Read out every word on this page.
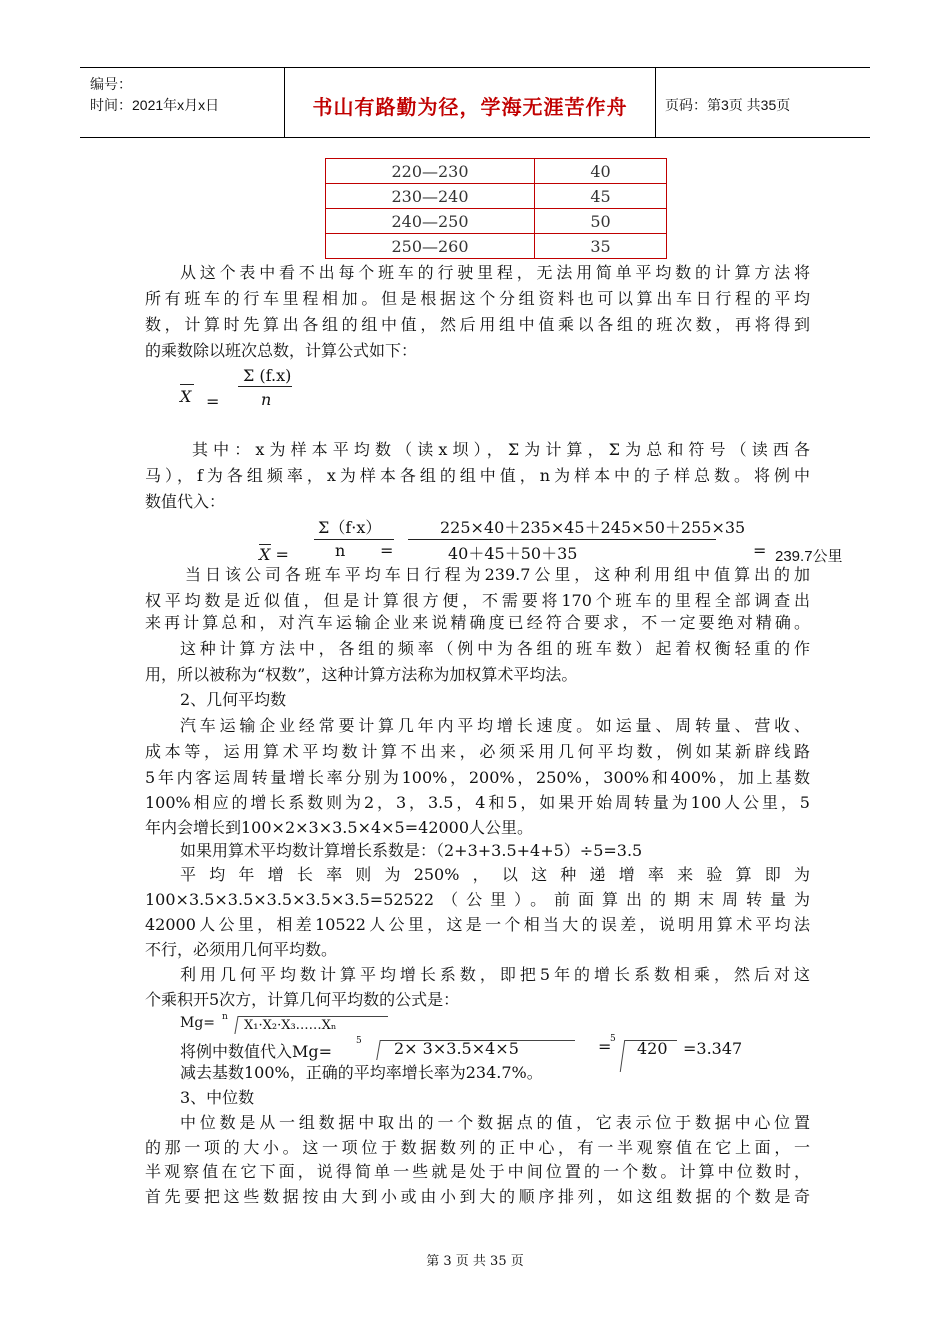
编号：
时间：2021年x月x日	书山有路勤为径，学海无涯苦作舟	页码：第3页 共35页
220—230	40
230—240	45
240—250	50
250—260	35
从这个表中看不出每个班车的行驶里程，无法用简单平均数的计算方法将
所有班车的行车里程相加。但是根据这个分组资料也可以算出车日行程的平均
数，计算时先算出各组的组中值，然后用组中值乘以各组的班次数，再将得到
的乘数除以班次总数，计算公式如下：
X =
Σ (f.x)
n
其中：x为样本平均数（读x坝），Σ为计算，Σ为总和符号（读西各
马），f为各组频率，x为样本各组的组中值，n为样本中的子样总数。将例中
数值代入：
Σ（f·x）
n
X =	=
225×40＋235×45＋245×50＋255×35
40＋45＋50＋35	= 239.7公里
当日该公司各班车平均车日行程为239.7公里，这种利用组中值算出的加
权平均数是近似值，但是计算很方便，不需要将170个班车的里程全部调查出
来再计算总和，对汽车运输企业来说精确度已经符合要求，不一定要绝对精确。
这种计算方法中，各组的频率（例中为各组的班车数）起着权衡轻重的作
用，所以被称为“权数”，这种计算方法称为加权算术平均法。
2、几何平均数
汽车运输企业经常要计算几年内平均增长速度。如运量、周转量、营收、
成本等，运用算术平均数计算不出来，必须采用几何平均数，例如某新辟线路
5年内客运周转量增长率分别为100%，200%，250%，300%和400%，加上基数
100%相应的增长系数则为2，3，3.5，4和5，如果开始周转量为100人公里，5
年内会增长到100×2×3×3.5×4×5=42000人公里。
如果用算术平均数计算增长系数是：（2+3+3.5+4+5）÷5=3.5
平均年增长率则为250%，以这种递增率来验算即为
100×3.5×3.5×3.5×3.5×3.5=52522（公里）。前面算出的期末周转量为
42000人公里，相差10522人公里，这是一个相当大的误差，说明用算术平均法
不行，必须用几何平均数。
利用几何平均数计算平均增长系数，即把5年的增长系数相乘，然后对这
个乘积开5次方，计算几何平均数的公式是：
Mg= n
X₁·X₂·X₃……Xₙ
将例中数值代入Mg=
5 2× 3×3.5×4×5	=
5 420 =3.347
减去基数100%，正确的平均率增长率为234.7%。
3、中位数
中位数是从一组数据中取出的一个数据点的值，它表示位于数据中心位置
的那一项的大小。这一项位于数据数列的正中心，有一半观察值在它上面，一
半观察值在它下面，说得简单一些就是处于中间位置的一个数。计算中位数时，
首先要把这些数据按由大到小或由小到大的顺序排列，如这组数据的个数是奇
第 3 页 共 35 页
